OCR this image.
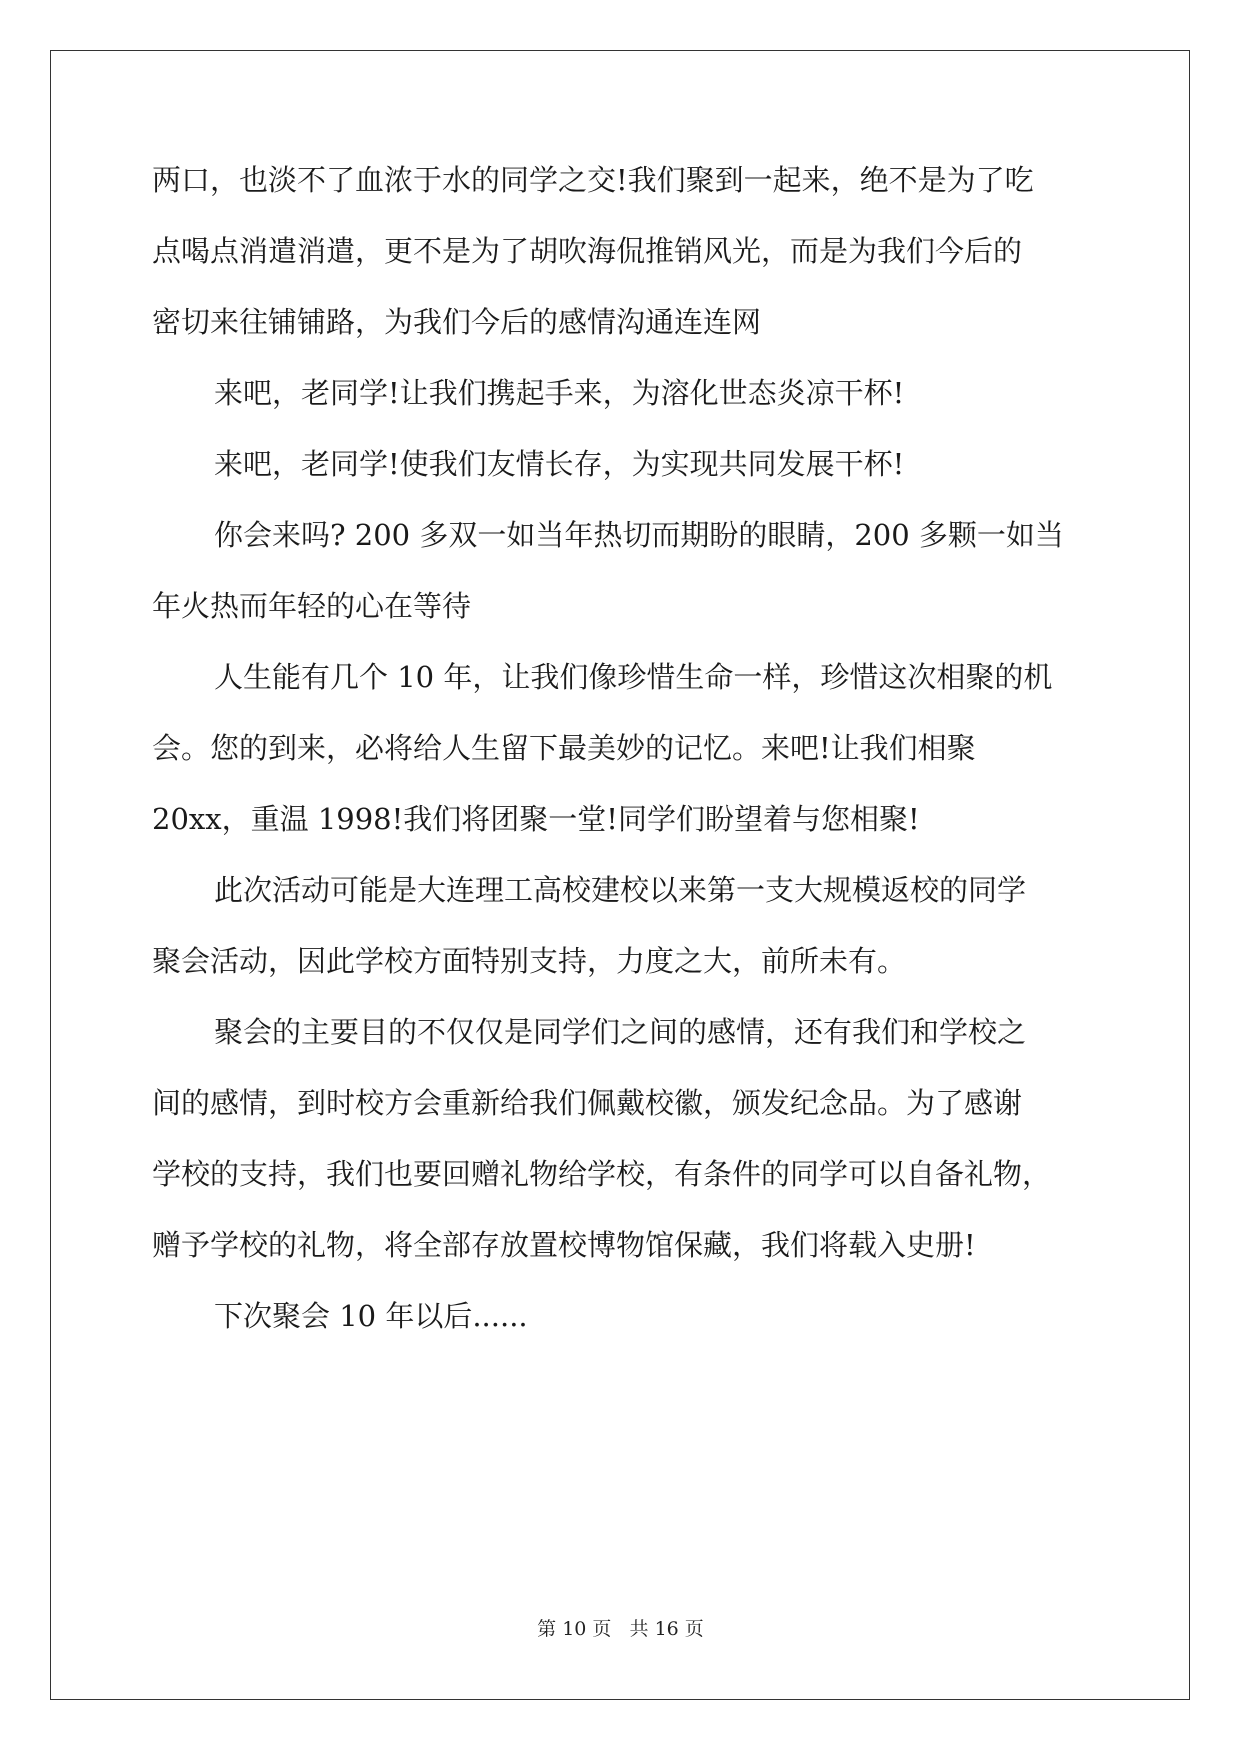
两口，也淡不了血浓于水的同学之交!我们聚到一起来，绝不是为了吃
点喝点消遣消遣，更不是为了胡吹海侃推销风光，而是为我们今后的
密切来往铺铺路，为我们今后的感情沟通连连网
来吧，老同学!让我们携起手来，为溶化世态炎凉干杯!
来吧，老同学!使我们友情长存，为实现共同发展干杯!
你会来吗? 200 多双一如当年热切而期盼的眼睛，200 多颗一如当
年火热而年轻的心在等待
人生能有几个 10 年，让我们像珍惜生命一样，珍惜这次相聚的机
会。您的到来，必将给人生留下最美妙的记忆。来吧!让我们相聚
20xx，重温 1998!我们将团聚一堂!同学们盼望着与您相聚!
此次活动可能是大连理工高校建校以来第一支大规模返校的同学
聚会活动，因此学校方面特别支持，力度之大，前所未有。
聚会的主要目的不仅仅是同学们之间的感情，还有我们和学校之
间的感情，到时校方会重新给我们佩戴校徽，颁发纪念品。为了感谢
学校的支持，我们也要回赠礼物给学校，有条件的同学可以自备礼物，
赠予学校的礼物，将全部存放置校博物馆保藏，我们将载入史册!
下次聚会 10 年以后......
第 10 页   共 16 页
